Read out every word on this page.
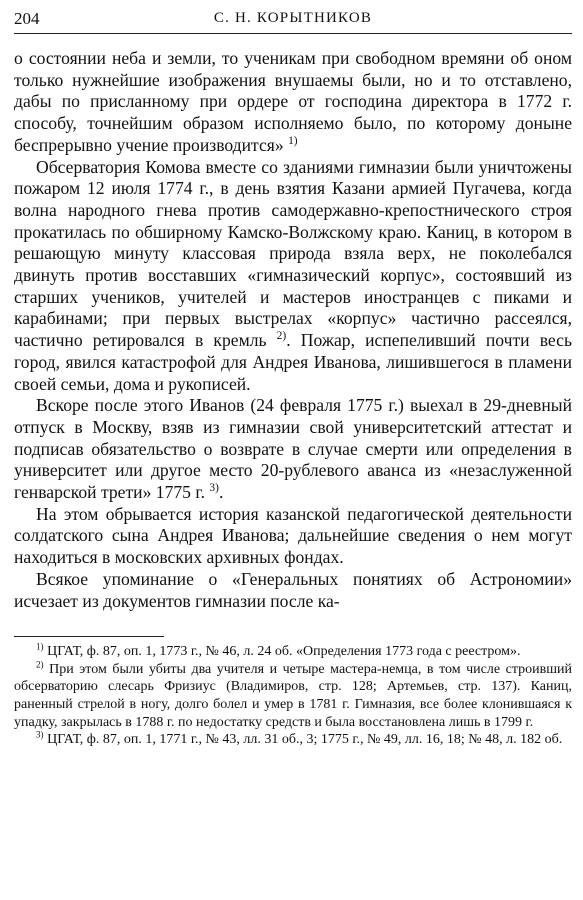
204	С. Н. КОРЫТНИКОВ

о состоянии неба и земли, то ученикам при свободном времяни об оном только нужнейшие изображения внушаемы были, но и то отставлено, дабы по присланному при ордере от господина директора в 1772 г. способу, точнейшим образом исполняемо было, по которому доныне беспрерывно учение производится» $^{1)}$

Обсерватория Комова вместе со зданиями гимназии были уничтожены пожаром 12 июля 1774 г., в день взятия Казани армией Пугачева, когда волна народного гнева против самодержавно-крепостнического строя прокатилась по обширному Камско-Волжскому краю. Каниц, в котором в решающую минуту классовая природа взяла верх, не поколебался двинуть против восставших «гимназический корпус», состоявший из старших учеников, учителей и мастеров иностранцев с пиками и карабинами; при первых выстрелах «корпус» частично рассеялся, частично ретировался в кремль $^{2)}$. Пожар, испепеливший почти весь город, явился катастрофой для Андрея Иванова, лишившегося в пламени своей семьи, дома и рукописей.

Вскоре после этого Иванов (24 февраля 1775 г.) выехал в 29-дневный отпуск в Москву, взяв из гимназии свой университетский аттестат и подписав обязательство о возврате в случае смерти или определения в университет или другое место 20-рублевого аванса из «незаслуженной генварской трети» 1775 г. $^{3)}$.

На этом обрывается история казанской педагогической деятельности солдатского сына Андрея Иванова; дальнейшие сведения о нем могут находиться в московских архивных фондах.

Всякое упоминание о «Генеральных понятиях об Астрономии» исчезает из документов гимназии после ка-

$^{1)}$ ЦГАТ, ф. 87, оп. 1, 1773 г., № 46, л. 24 об. «Определения 1773 года с реестром».

$^{2)}$ При этом были убиты два учителя и четыре мастера-немца, в том числе строивший обсерваторию слесарь Фризиус (Владимиров, стр. 128; Артемьев, стр. 137). Каниц, раненный стрелой в ногу, долго болел и умер в 1781 г. Гимназия, все более клонившаяся к упадку, закрылась в 1788 г. по недостатку средств и была восстановлена лишь в 1799 г.

$^{3)}$ ЦГАТ, ф. 87, оп. 1, 1771 г., № 43, лл. 31 об., 3; 1775 г., № 49, лл. 16, 18; № 48, л. 182 об.
